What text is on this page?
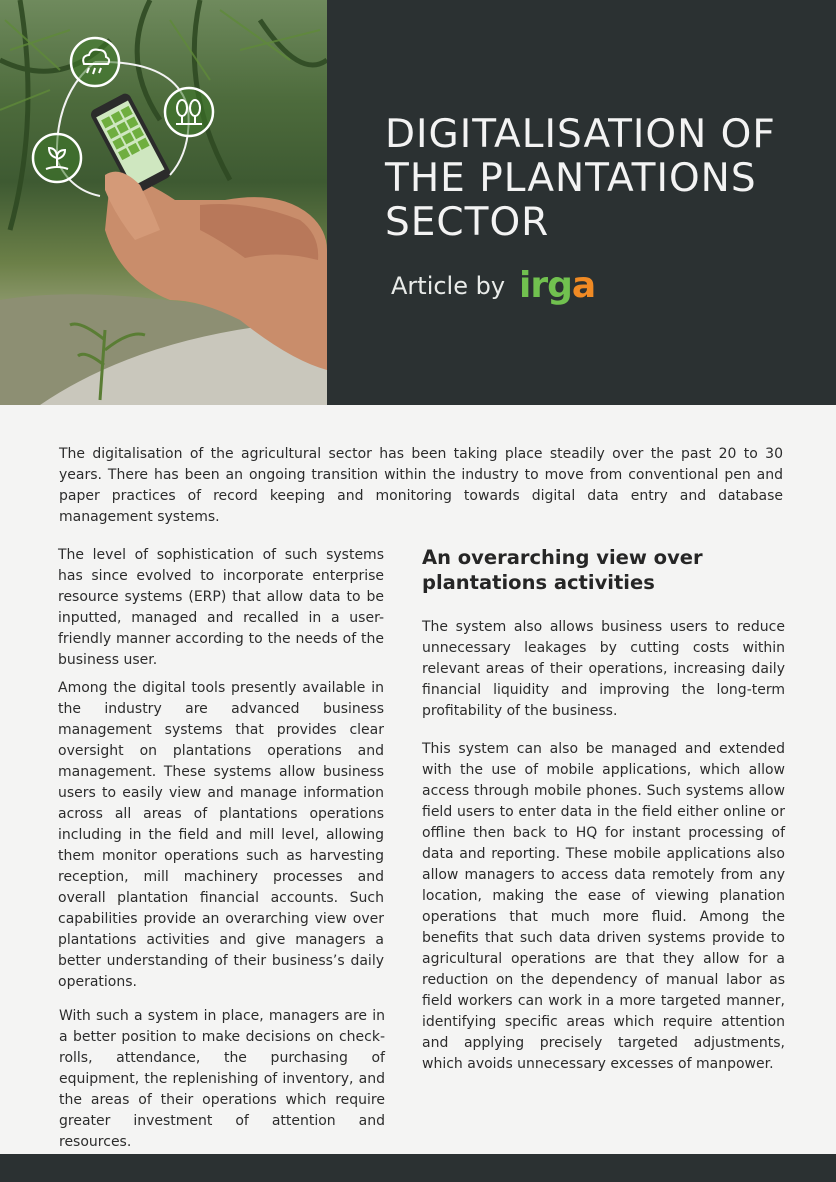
DIGITALISATION OF
THE PLANTATIONS
SECTOR
Article by irga
The digitalisation of the agricultural sector has been taking place steadily over the past 20 to 30 years. There has been an ongoing transition within the industry to move from conventional pen and paper practices of record keeping and monitoring towards digital data entry and database management systems.
The level of sophistication of such systems has since evolved to incorporate enterprise resource systems (ERP) that allow data to be inputted, managed and recalled in a user-friendly manner according to the needs of the business user.
Among the digital tools presently available in the industry are advanced business management systems that provides clear oversight on plantations operations and management. These systems allow business users to easily view and manage information across all areas of plantations operations including in the field and mill level, allowing them monitor operations such as harvesting reception, mill machinery processes and overall plantation financial accounts. Such capabilities provide an overarching view over plantations activities and give managers a better understanding of their business’s daily operations.
With such a system in place, managers are in a better position to make decisions on check-rolls, attendance, the purchasing of equipment, the replenishing of inventory, and the areas of their operations which require greater investment of attention and resources.
An overarching view over plantations activities
The system also allows business users to reduce unnecessary leakages by cutting costs within relevant areas of their operations, increasing daily financial liquidity and improving the long-term profitability of the business.
This system can also be managed and extended with the use of mobile applications, which allow access through mobile phones. Such systems allow field users to enter data in the field either online or offline then back to HQ for instant processing of data and reporting. These mobile applications also allow managers to access data remotely from any location, making the ease of viewing planation operations that much more fluid. Among the benefits that such data driven systems provide to agricultural operations are that they allow for a reduction on the dependency of manual labor as field workers can work in a more targeted manner, identifying specific areas which require attention and applying precisely targeted adjustments, which avoids unnecessary excesses of manpower.
